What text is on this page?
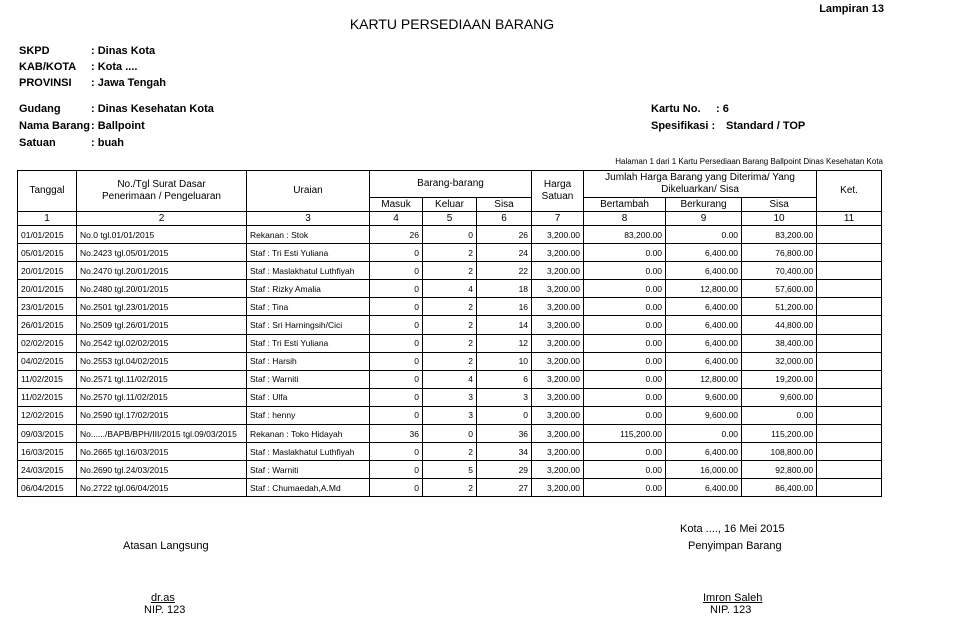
Lampiran 13
KARTU PERSEDIAAN BARANG
SKPD	: Dinas Kota
KAB/KOTA : Kota ....
PROVINSI : Jawa Tengah
Gudang	: Dinas Kesehatan Kota
Nama Barang: Ballpoint
Satuan	: buah
Kartu No. : 6
Spesifikasi : Standard / TOP
Halaman 1 dari 1 Kartu Persediaan Barang Ballpoint Dinas Kesehatan Kota
Tanggal	No./Tgl Surat Dasar Penerimaan / Pengeluaran	Uraian	Barang-barang			Harga Satuan	Jumlah Harga Barang yang Diterima/ Yang Dikeluarkan/ Sisa			Ket.
			Masuk	Keluar	Sisa		Bertambah	Berkurang	Sisa	
1	2	3	4	5	6	7	8	9	10	11
01/01/2015	No.0 tgl.01/01/2015	Rekanan : Stok	26	0	26	3,200.00	83,200.00	0.00	83,200.00	
05/01/2015	No.2423 tgl.05/01/2015	Staf : Tri Esti Yuliana	0	2	24	3,200.00	0.00	6,400.00	76,800.00	
20/01/2015	No.2470 tgl.20/01/2015	Staf : Maslakhatul Luthfiyah	0	2	22	3,200.00	0.00	6,400.00	70,400.00	
20/01/2015	No.2480 tgl.20/01/2015	Staf : Rizky Amalia	0	4	18	3,200.00	0.00	12,800.00	57,600.00	
23/01/2015	No.2501 tgl.23/01/2015	Staf : Tina	0	2	16	3,200.00	0.00	6,400.00	51,200.00	
26/01/2015	No.2509 tgl.26/01/2015	Staf : Sri Harningsih/Cici	0	2	14	3,200.00	0.00	6,400.00	44,800.00	
02/02/2015	No.2542 tgl.02/02/2015	Staf : Tri Esti Yuliana	0	2	12	3,200.00	0.00	6,400.00	38,400.00	
04/02/2015	No.2553 tgl.04/02/2015	Staf : Harsih	0	2	10	3,200.00	0.00	6,400.00	32,000.00	
11/02/2015	No.2571 tgl.11/02/2015	Staf : Warniti	0	4	6	3,200.00	0.00	12,800.00	19,200.00	
11/02/2015	No.2570 tgl.11/02/2015	Staf : Ulfa	0	3	3	3,200.00	0.00	9,600.00	9,600.00	
12/02/2015	No.2590 tgl.17/02/2015	Staf : henny	0	3	0	3,200.00	0.00	9,600.00	0.00	
09/03/2015	No....../BAPB/BPH/III/2015 tgl.09/03/2015	Rekanan : Toko Hidayah	36	0	36	3,200.00	115,200.00	0.00	115,200.00	
16/03/2015	No.2665 tgl.16/03/2015	Staf : Maslakhatul Luthfiyah	0	2	34	3,200.00	0.00	6,400.00	108,800.00	
24/03/2015	No.2690 tgl.24/03/2015	Staf : Warniti	0	5	29	3,200.00	0.00	16,000.00	92,800.00	
06/04/2015	No.2722 tgl.06/04/2015	Staf : Chumaedah,A.Md	0	2	27	3,200.00	0.00	6,400.00	86,400.00	
Atasan Langsung
dr.as
NIP. 123
Kota ...., 16 Mei 2015
Penyimpan Barang
Imron Saleh
NIP. 123
